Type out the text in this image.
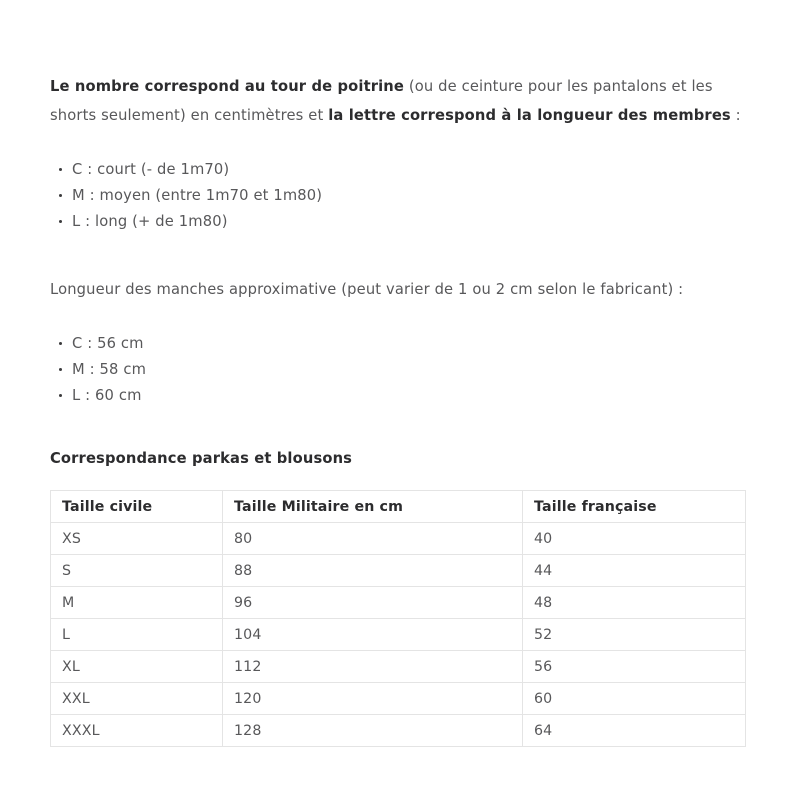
Le nombre correspond au tour de poitrine (ou de ceinture pour les pantalons et les shorts seulement) en centimètres et la lettre correspond à la longueur des membres :

C : court (- de 1m70)
M : moyen (entre 1m70 et 1m80)
L : long (+ de 1m80)

Longueur des manches approximative (peut varier de 1 ou 2 cm selon le fabricant) :

C : 56 cm
M : 58 cm
L : 60 cm
Correspondance parkas et blousons
Taille civile	Taille Militaire en cm	Taille française
XS	80	40
S	88	44
M	96	48
L	104	52
XL	112	56
XXL	120	60
XXXL	128	64
